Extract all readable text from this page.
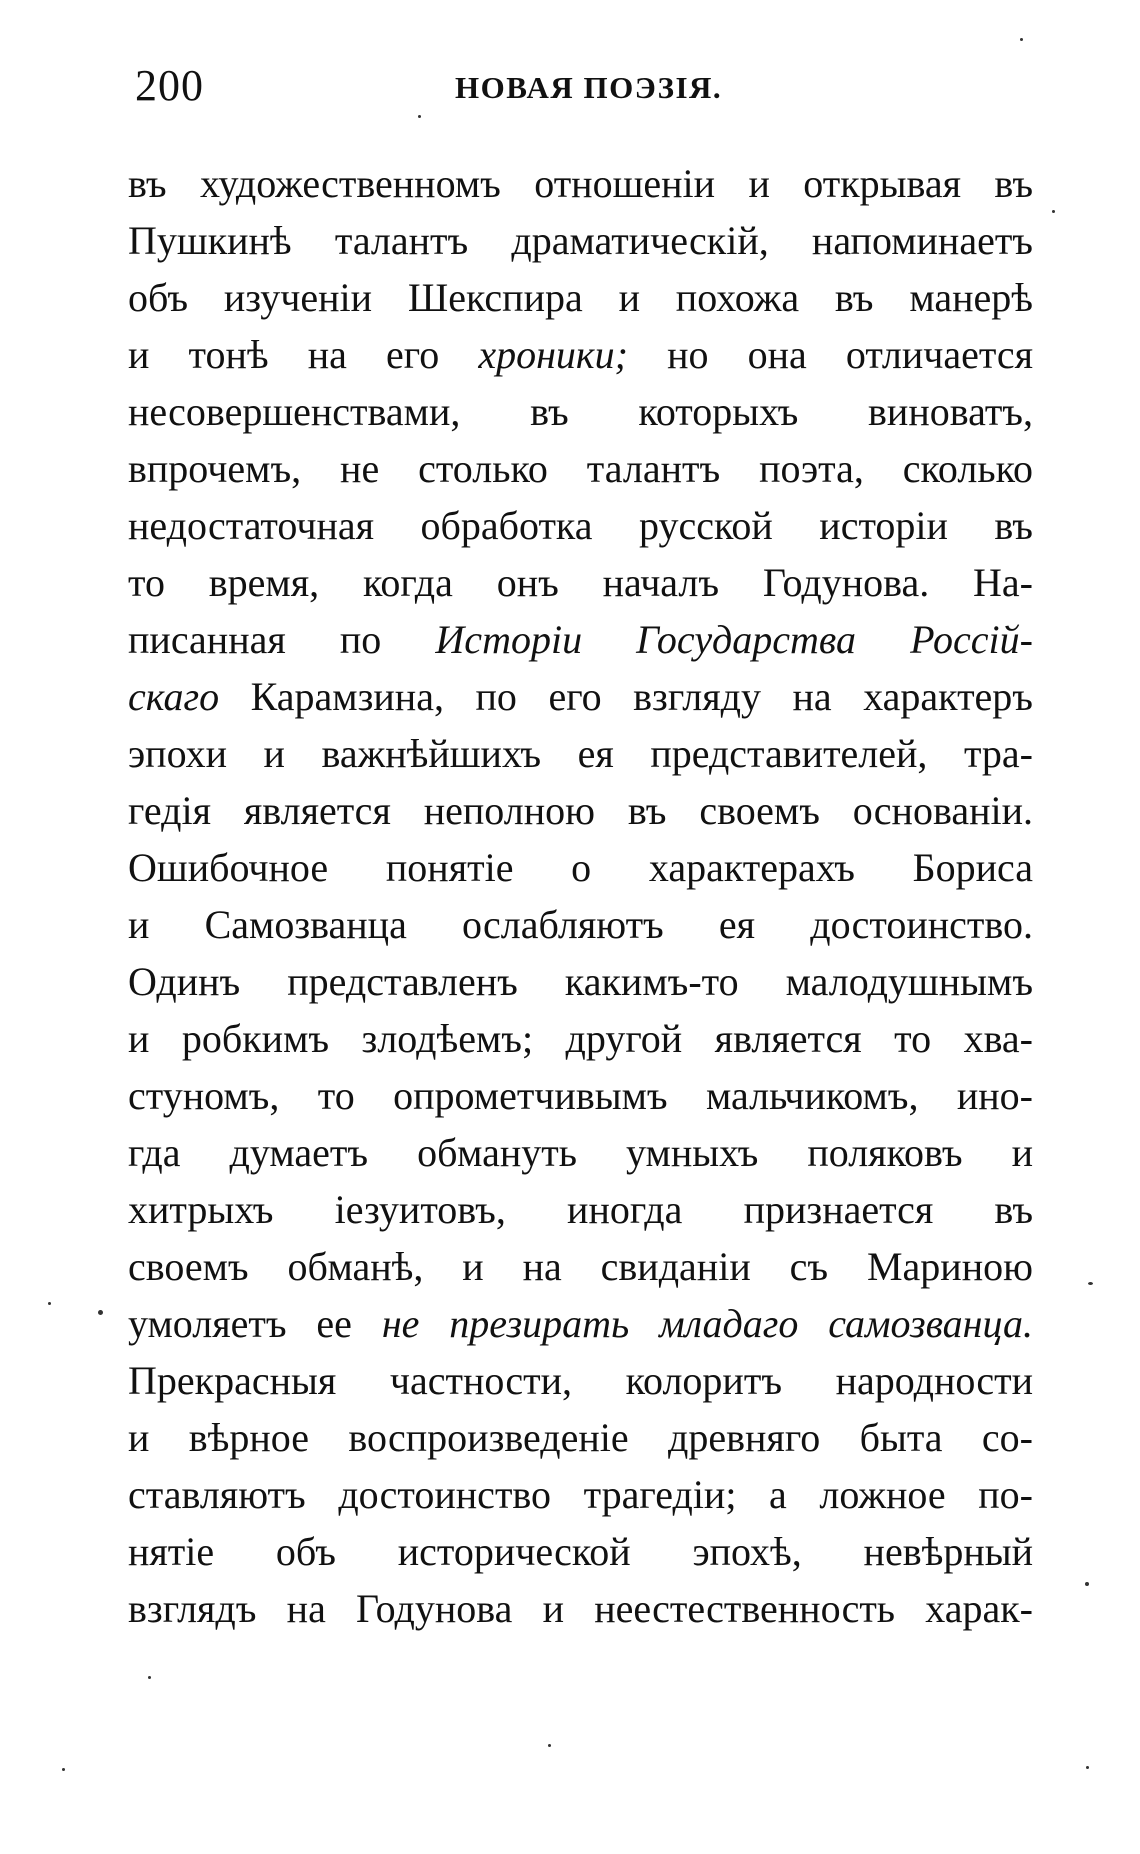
200	НОВАЯ ПОЭЗІЯ.
въ художественномъ отношенiи и открывая въ
Пушкинѣ талантъ драматическiй, напоминаетъ
объ изученiи Шекспира и похожа въ манерѣ
и тонѣ на его хроники; но она отличается
несовершенствами, въ которыхъ виноватъ,
впрочемъ, не столько талантъ поэта, сколько
недостаточная обработка русской исторiи въ
то время, когда онъ началъ Годунова. На-
писанная по Исторiи Государства Россiй-
скаго Карамзина, по его взгляду на характеръ
эпохи и важнѣйшихъ ея представителей, тра-
гедiя является неполною въ своемъ основанiи.
Ошибочное понятiе о характерахъ Бориса
и Самозванца ослабляютъ ея достоинство.
Одинъ представленъ какимъ-то малодушнымъ
и робкимъ злодѣемъ; другой является то хва-
стуномъ, то опрометчивымъ мальчикомъ, ино-
гда думаетъ обмануть умныхъ поляковъ и
хитрыхъ iезуитовъ, иногда признается въ
своемъ обманѣ, и на свиданiи съ Мариною
умоляетъ ее не презирать младаго самозванца.
Прекрасныя частности, колоритъ народности
и вѣрное воспроизведенiе древняго быта со-
ставляютъ достоинство трагедiи; а ложное по-
нятiе объ исторической эпохѣ, невѣрный
взглядъ на Годунова и неестественность харак-
